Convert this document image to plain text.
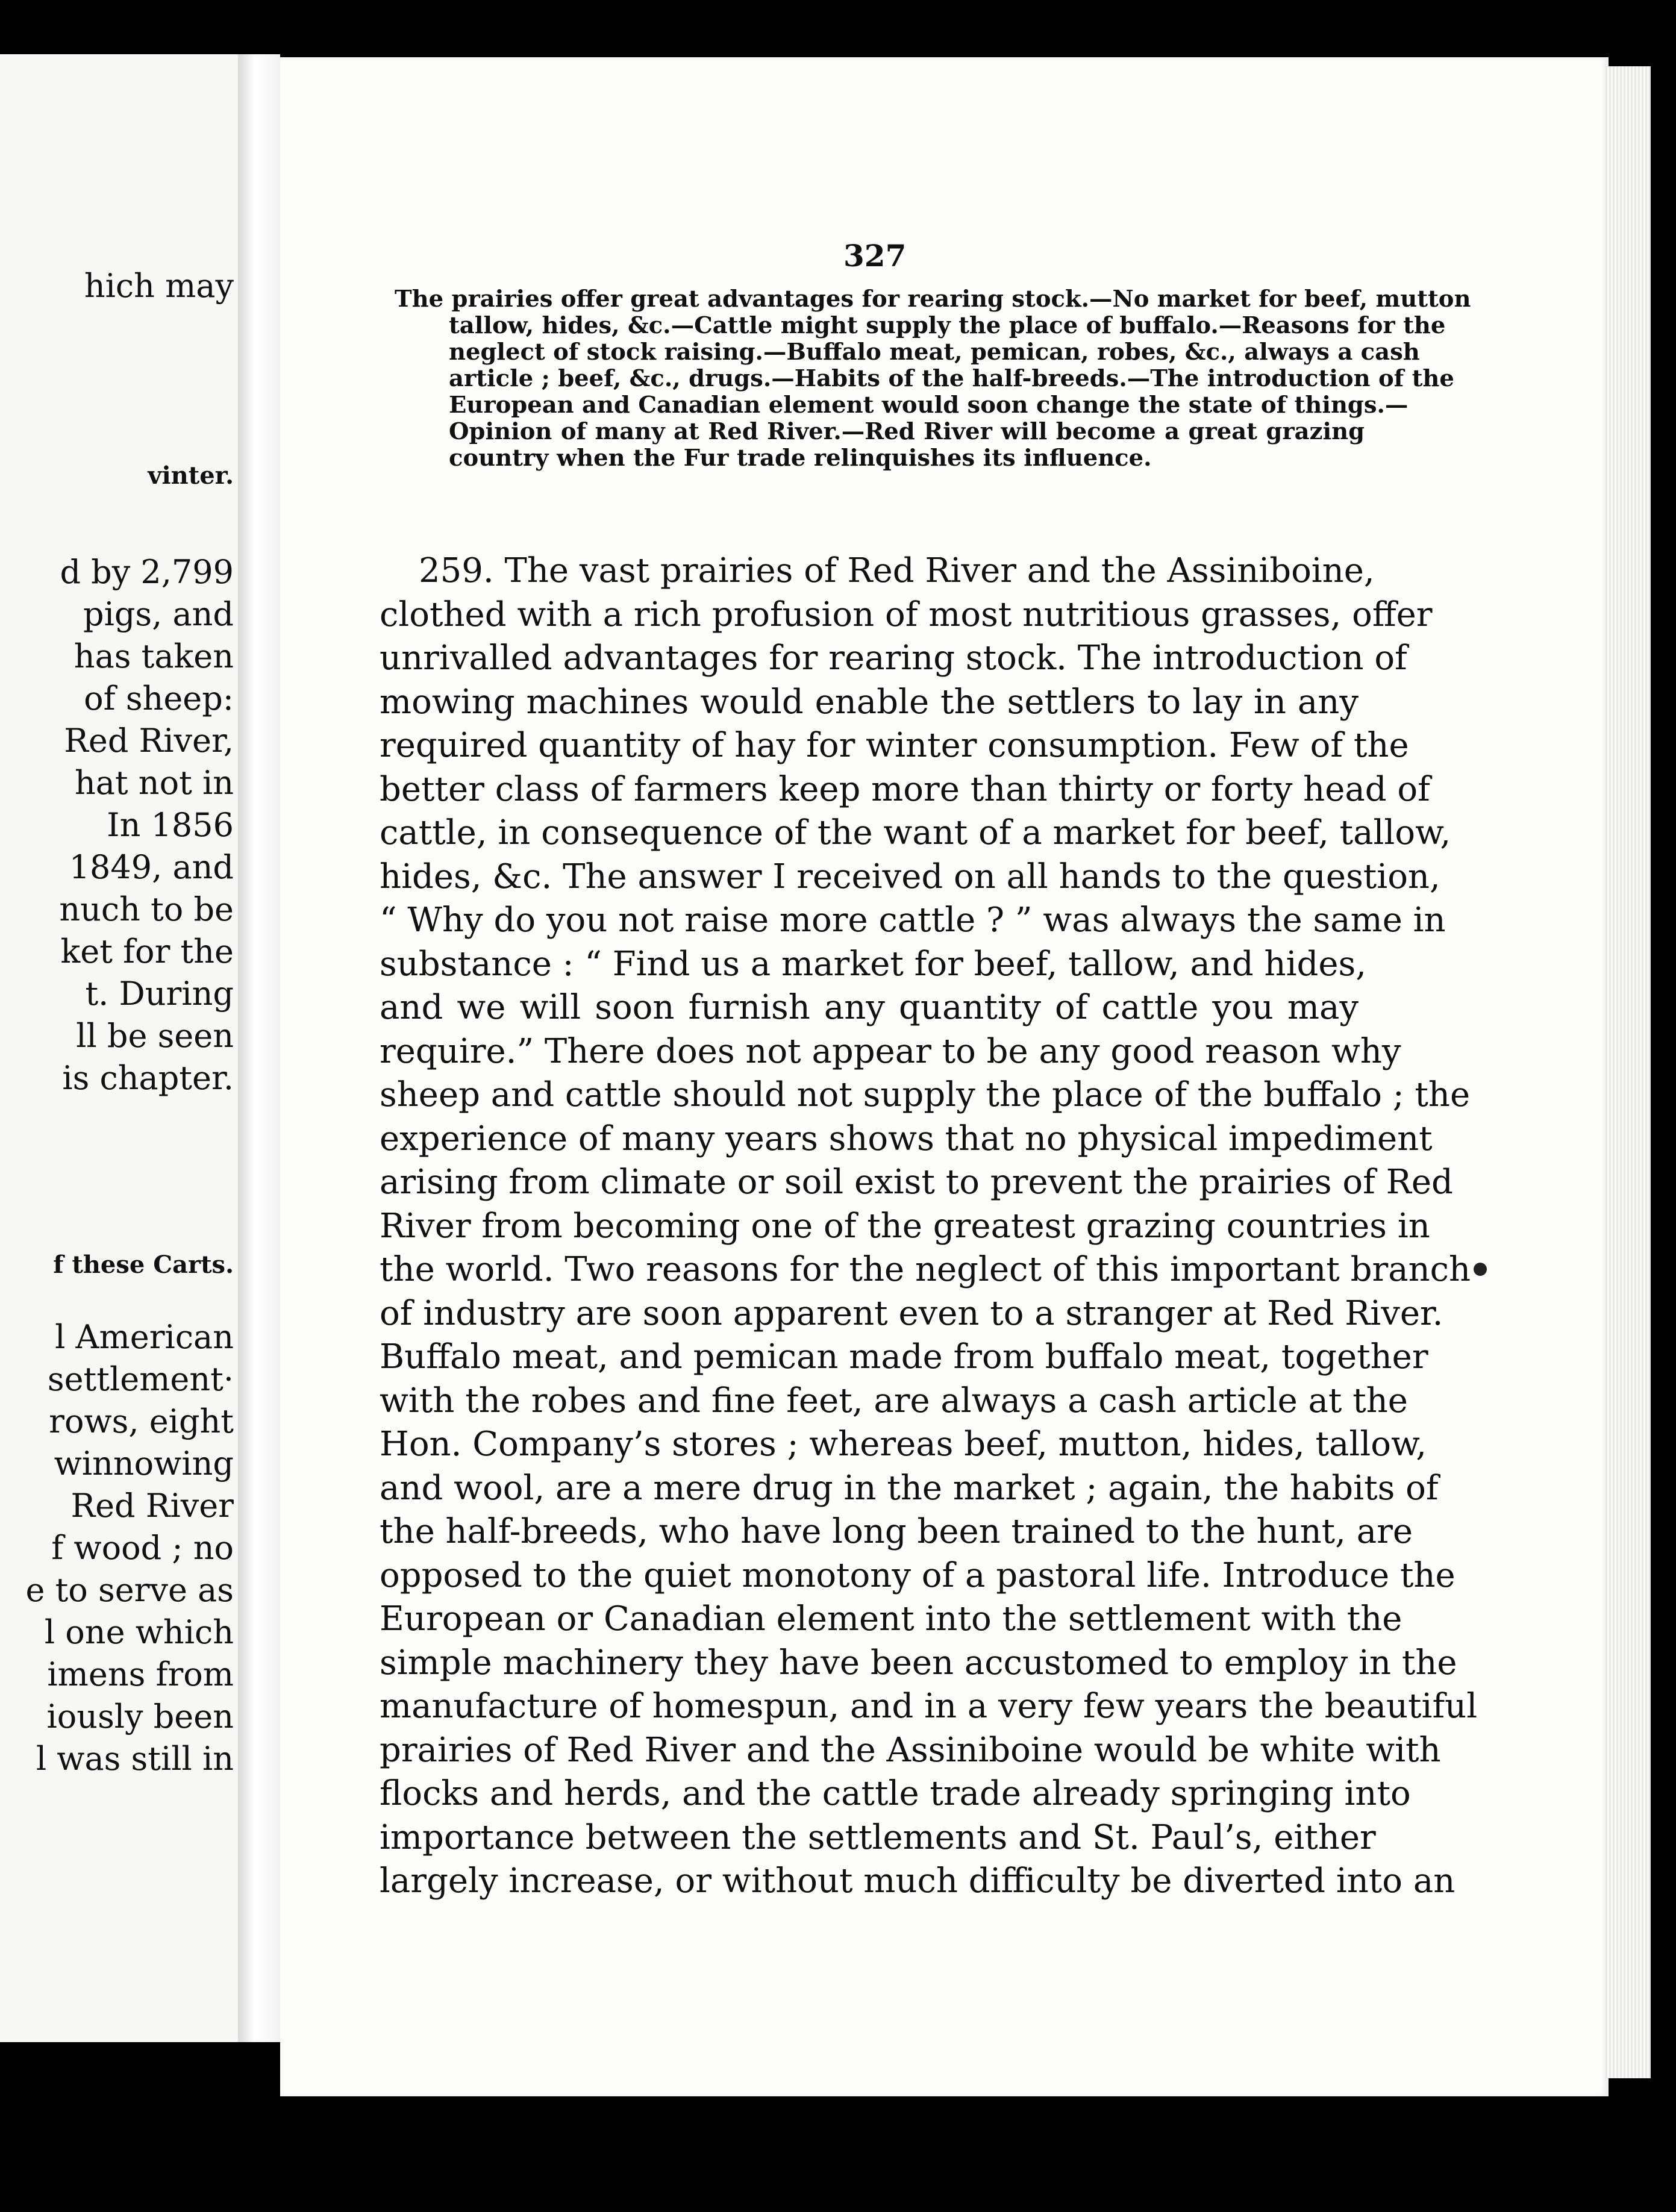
hich may
vinter.
d by 2,799
pigs, and
has taken
of sheep:
Red River,
hat not in
In 1856
1849, and
nuch to be
ket for the
t. During
ll be seen
is chapter.
f these Carts.
l American
settlement·
rows, eight
winnowing
Red River
f wood ; no
e to serve as
l one which
imens from
iously been
l was still in
327
The prairies offer great advantages for rearing stock.—No market for beef, mutton
tallow, hides, &c.—Cattle might supply the place of buffalo.—Reasons for the
neglect of stock raising.—Buffalo meat, pemican, robes, &c., always a cash
article ; beef, &c., drugs.—Habits of the half-breeds.—The introduction of the
European and Canadian element would soon change the state of things.—
Opinion of many at Red River.—Red River will become a great grazing
country when the Fur trade relinquishes its influence.
259. The vast prairies of Red River and the Assiniboine,
clothed with a rich profusion of most nutritious grasses, offer
unrivalled advantages for rearing stock. The introduction of
mowing machines would enable the settlers to lay in any
required quantity of hay for winter consumption. Few of the
better class of farmers keep more than thirty or forty head of
cattle, in consequence of the want of a market for beef, tallow,
hides, &c. The answer I received on all hands to the question,
“ Why do you not raise more cattle ? ” was always the same in
substance : “ Find us a market for beef, tallow, and hides,
and we will soon furnish any quantity of cattle you may
require.” There does not appear to be any good reason why
sheep and cattle should not supply the place of the buffalo ; the
experience of many years shows that no physical impediment
arising from climate or soil exist to prevent the prairies of Red
River from becoming one of the greatest grazing countries in
the world. Two reasons for the neglect of this important branch
of industry are soon apparent even to a stranger at Red River.
Buffalo meat, and pemican made from buffalo meat, together
with the robes and fine feet, are always a cash article at the
Hon. Company’s stores ; whereas beef, mutton, hides, tallow,
and wool, are a mere drug in the market ; again, the habits of
the half-breeds, who have long been trained to the hunt, are
opposed to the quiet monotony of a pastoral life. Introduce the
European or Canadian element into the settlement with the
simple machinery they have been accustomed to employ in the
manufacture of homespun, and in a very few years the beautiful
prairies of Red River and the Assiniboine would be white with
flocks and herds, and the cattle trade already springing into
importance between the settlements and St. Paul’s, either
largely increase, or without much difficulty be diverted into an
